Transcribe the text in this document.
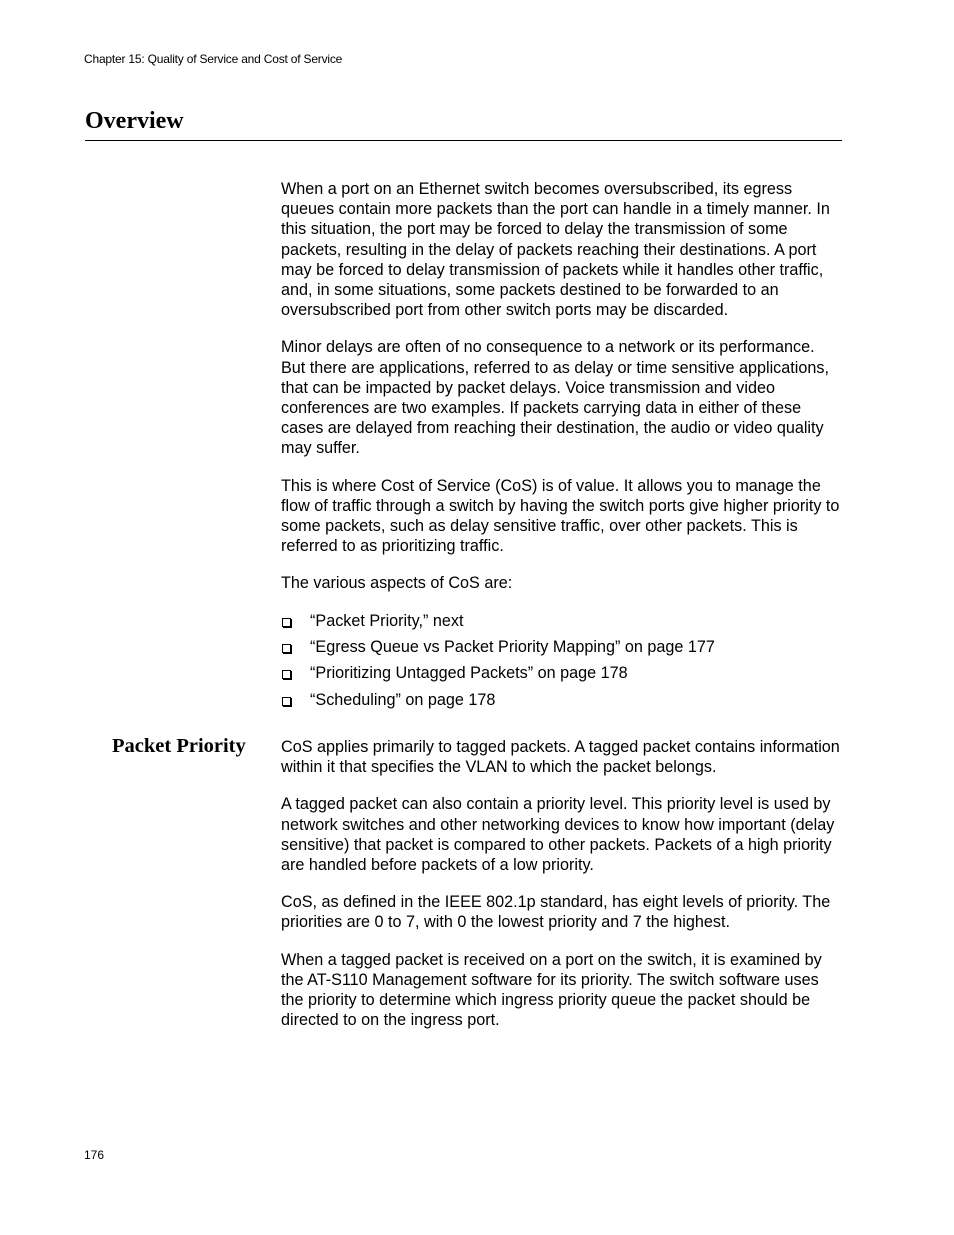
Chapter 15: Quality of Service and Cost of Service
Overview

When a port on an Ethernet switch becomes oversubscribed, its egress queues contain more packets than the port can handle in a timely manner. In this situation, the port may be forced to delay the transmission of some packets, resulting in the delay of packets reaching their destinations. A port may be forced to delay transmission of packets while it handles other traffic, and, in some situations, some packets destined to be forwarded to an oversubscribed port from other switch ports may be discarded.

Minor delays are often of no consequence to a network or its performance. But there are applications, referred to as delay or time sensitive applications, that can be impacted by packet delays. Voice transmission and video conferences are two examples. If packets carrying data in either of these cases are delayed from reaching their destination, the audio or video quality may suffer.

This is where Cost of Service (CoS) is of value. It allows you to manage the flow of traffic through a switch by having the switch ports give higher priority to some packets, such as delay sensitive traffic, over other packets. This is referred to as prioritizing traffic.

The various aspects of CoS are:

“Packet Priority,” next
“Egress Queue vs Packet Priority Mapping” on page 177
“Prioritizing Untagged Packets” on page 178
“Scheduling” on page 178
Packet Priority CoS applies primarily to tagged packets. A tagged packet contains information within it that specifies the VLAN to which the packet belongs.

A tagged packet can also contain a priority level. This priority level is used by network switches and other networking devices to know how important (delay sensitive) that packet is compared to other packets. Packets of a high priority are handled before packets of a low priority.

CoS, as defined in the IEEE 802.1p standard, has eight levels of priority. The priorities are 0 to 7, with 0 the lowest priority and 7 the highest.

When a tagged packet is received on a port on the switch, it is examined by the AT-S110 Management software for its priority. The switch software uses the priority to determine which ingress priority queue the packet should be directed to on the ingress port.

176
